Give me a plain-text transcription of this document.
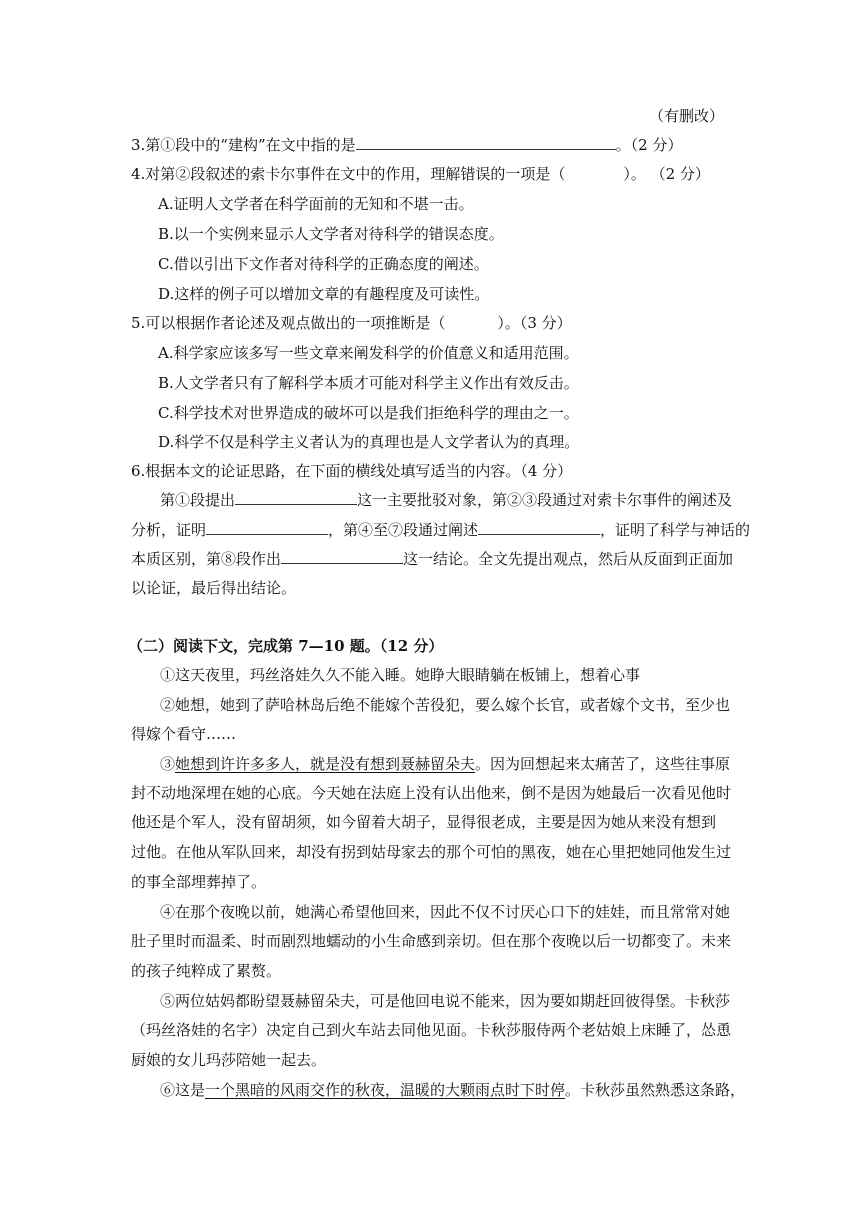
（有删改）
3.第①段中的“建构”在文中指的是	。（2 分）
4.对第②段叙述的索卡尔事件在文中的作用，理解错误的一项是（	）。 （2 分）
A.证明人文学者在科学面前的无知和不堪一击。
B.以一个实例来显示人文学者对待科学的错误态度。
C.借以引出下文作者对待科学的正确态度的阐述。
D.这样的例子可以增加文章的有趣程度及可读性。
5.可以根据作者论述及观点做出的一项推断是（	）。（3 分）
A.科学家应该多写一些文章来阐发科学的价值意义和适用范围。
B.人文学者只有了解科学本质才可能对科学主义作出有效反击。
C.科学技术对世界造成的破坏可以是我们拒绝科学的理由之一。
D.科学不仅是科学主义者认为的真理也是人文学者认为的真理。
6.根据本文的论证思路，在下面的横线处填写适当的内容。（4 分）
第①段提出	这一主要批驳对象，第②③段通过对索卡尔事件的阐述及
分析，证明	，第④至⑦段通过阐述	，证明了科学与神话的
本质区别，第⑧段作出	这一结论。全文先提出观点，然后从反面到正面加
以论证，最后得出结论。
（二）阅读下文，完成第 7—10 题。（12 分）
①这天夜里，玛丝洛娃久久不能入睡。她睁大眼睛躺在板铺上，想着心事
②她想，她到了萨哈林岛后绝不能嫁个苦役犯，要么嫁个长官，或者嫁个文书，至少也
得嫁个看守……
③她想到许许多多人，就是没有想到聂赫留朵夫。因为回想起来太痛苦了，这些往事原
封不动地深埋在她的心底。今天她在法庭上没有认出他来，倒不是因为她最后一次看见他时
他还是个军人，没有留胡须，如今留着大胡子，显得很老成，主要是因为她从来没有想到
过他。在他从军队回来，却没有拐到姑母家去的那个可怕的黑夜，她在心里把她同他发生过
的事全部埋葬掉了。
④在那个夜晚以前，她满心希望他回来，因此不仅不讨厌心口下的娃娃，而且常常对她
肚子里时而温柔、时而剧烈地蠕动的小生命感到亲切。但在那个夜晚以后一切都变了。未来
的孩子纯粹成了累赘。
⑤两位姑妈都盼望聂赫留朵夫，可是他回电说不能来，因为要如期赶回彼得堡。卡秋莎
（玛丝洛娃的名字）决定自己到火车站去同他见面。卡秋莎服侍两个老姑娘上床睡了，怂恿
厨娘的女儿玛莎陪她一起去。
⑥这是一个黑暗的风雨交作的秋夜，温暖的大颗雨点时下时停。卡秋莎虽然熟悉这条路，
